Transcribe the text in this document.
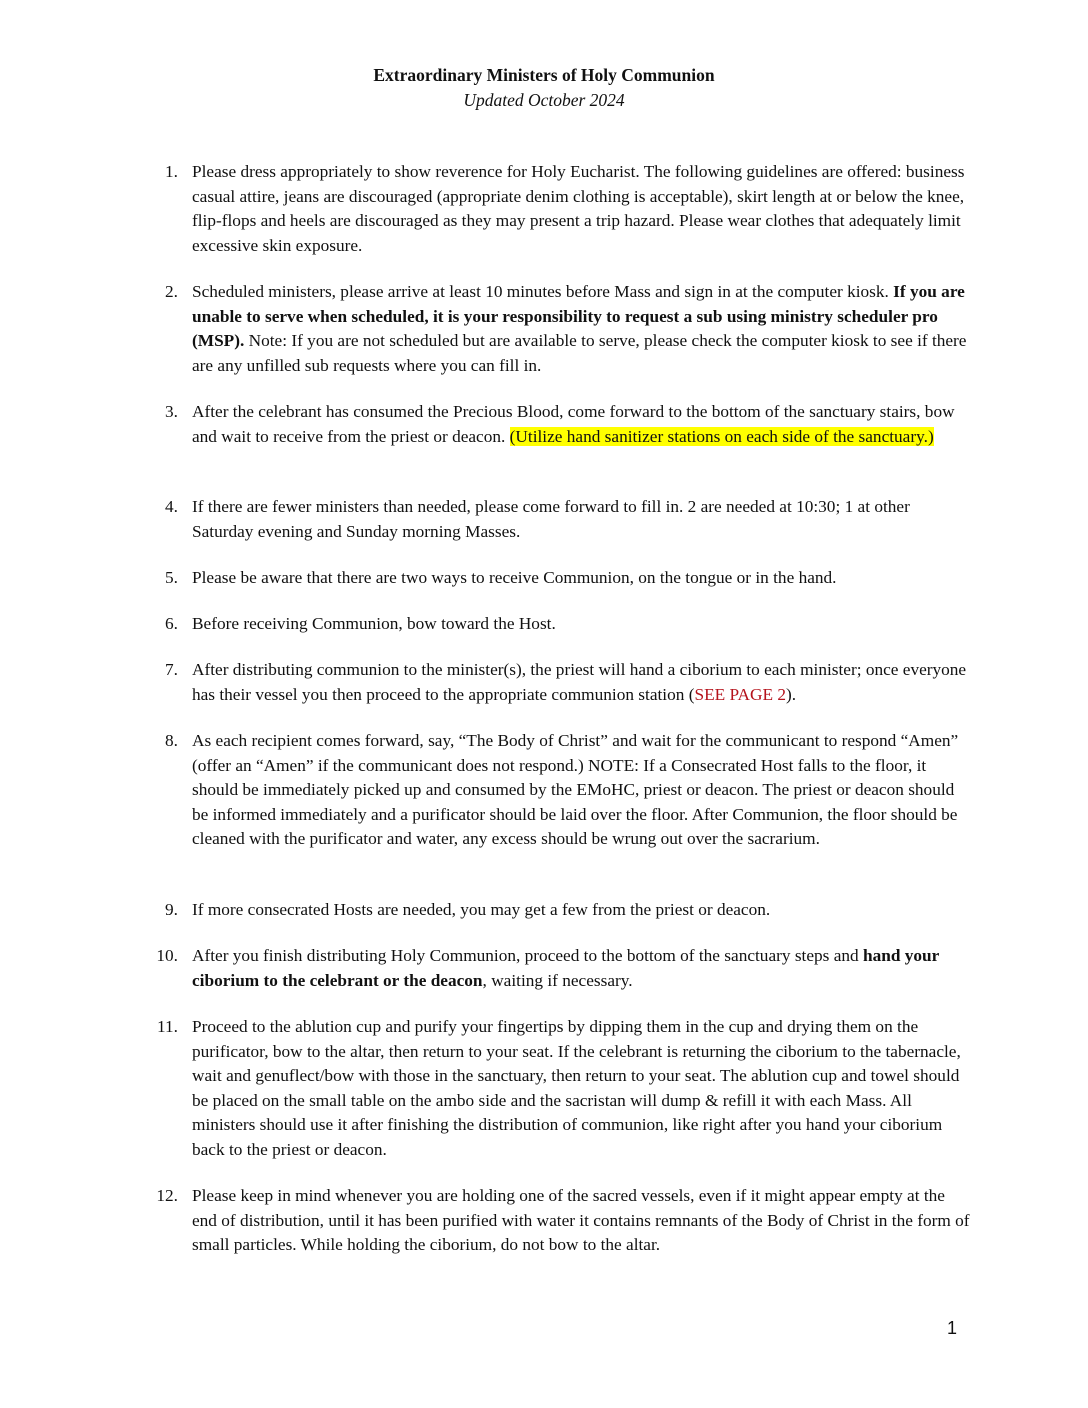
Extraordinary Ministers of Holy Communion
Updated October 2024
1. Please dress appropriately to show reverence for Holy Eucharist. The following guidelines are offered: business casual attire, jeans are discouraged (appropriate denim clothing is acceptable), skirt length at or below the knee, flip-flops and heels are discouraged as they may present a trip hazard. Please wear clothes that adequately limit excessive skin exposure.
2. Scheduled ministers, please arrive at least 10 minutes before Mass and sign in at the computer kiosk. If you are unable to serve when scheduled, it is your responsibility to request a sub using ministry scheduler pro (MSP). Note: If you are not scheduled but are available to serve, please check the computer kiosk to see if there are any unfilled sub requests where you can fill in.
3. After the celebrant has consumed the Precious Blood, come forward to the bottom of the sanctuary stairs, bow and wait to receive from the priest or deacon. (Utilize hand sanitizer stations on each side of the sanctuary.)
4. If there are fewer ministers than needed, please come forward to fill in. 2 are needed at 10:30; 1 at other Saturday evening and Sunday morning Masses.
5. Please be aware that there are two ways to receive Communion, on the tongue or in the hand.
6. Before receiving Communion, bow toward the Host.
7. After distributing communion to the minister(s), the priest will hand a ciborium to each minister; once everyone has their vessel you then proceed to the appropriate communion station (SEE PAGE 2).
8. As each recipient comes forward, say, “The Body of Christ” and wait for the communicant to respond “Amen” (offer an “Amen” if the communicant does not respond.) NOTE: If a Consecrated Host falls to the floor, it should be immediately picked up and consumed by the EMoHC, priest or deacon. The priest or deacon should be informed immediately and a purificator should be laid over the floor. After Communion, the floor should be cleaned with the purificator and water, any excess should be wrung out over the sacrarium.
9. If more consecrated Hosts are needed, you may get a few from the priest or deacon.
10. After you finish distributing Holy Communion, proceed to the bottom of the sanctuary steps and hand your ciborium to the celebrant or the deacon, waiting if necessary.
11. Proceed to the ablution cup and purify your fingertips by dipping them in the cup and drying them on the purificator, bow to the altar, then return to your seat. If the celebrant is returning the ciborium to the tabernacle, wait and genuflect/bow with those in the sanctuary, then return to your seat. The ablution cup and towel should be placed on the small table on the ambo side and the sacristan will dump & refill it with each Mass. All ministers should use it after finishing the distribution of communion, like right after you hand your ciborium back to the priest or deacon.
12. Please keep in mind whenever you are holding one of the sacred vessels, even if it might appear empty at the end of distribution, until it has been purified with water it contains remnants of the Body of Christ in the form of small particles. While holding the ciborium, do not bow to the altar.
1
